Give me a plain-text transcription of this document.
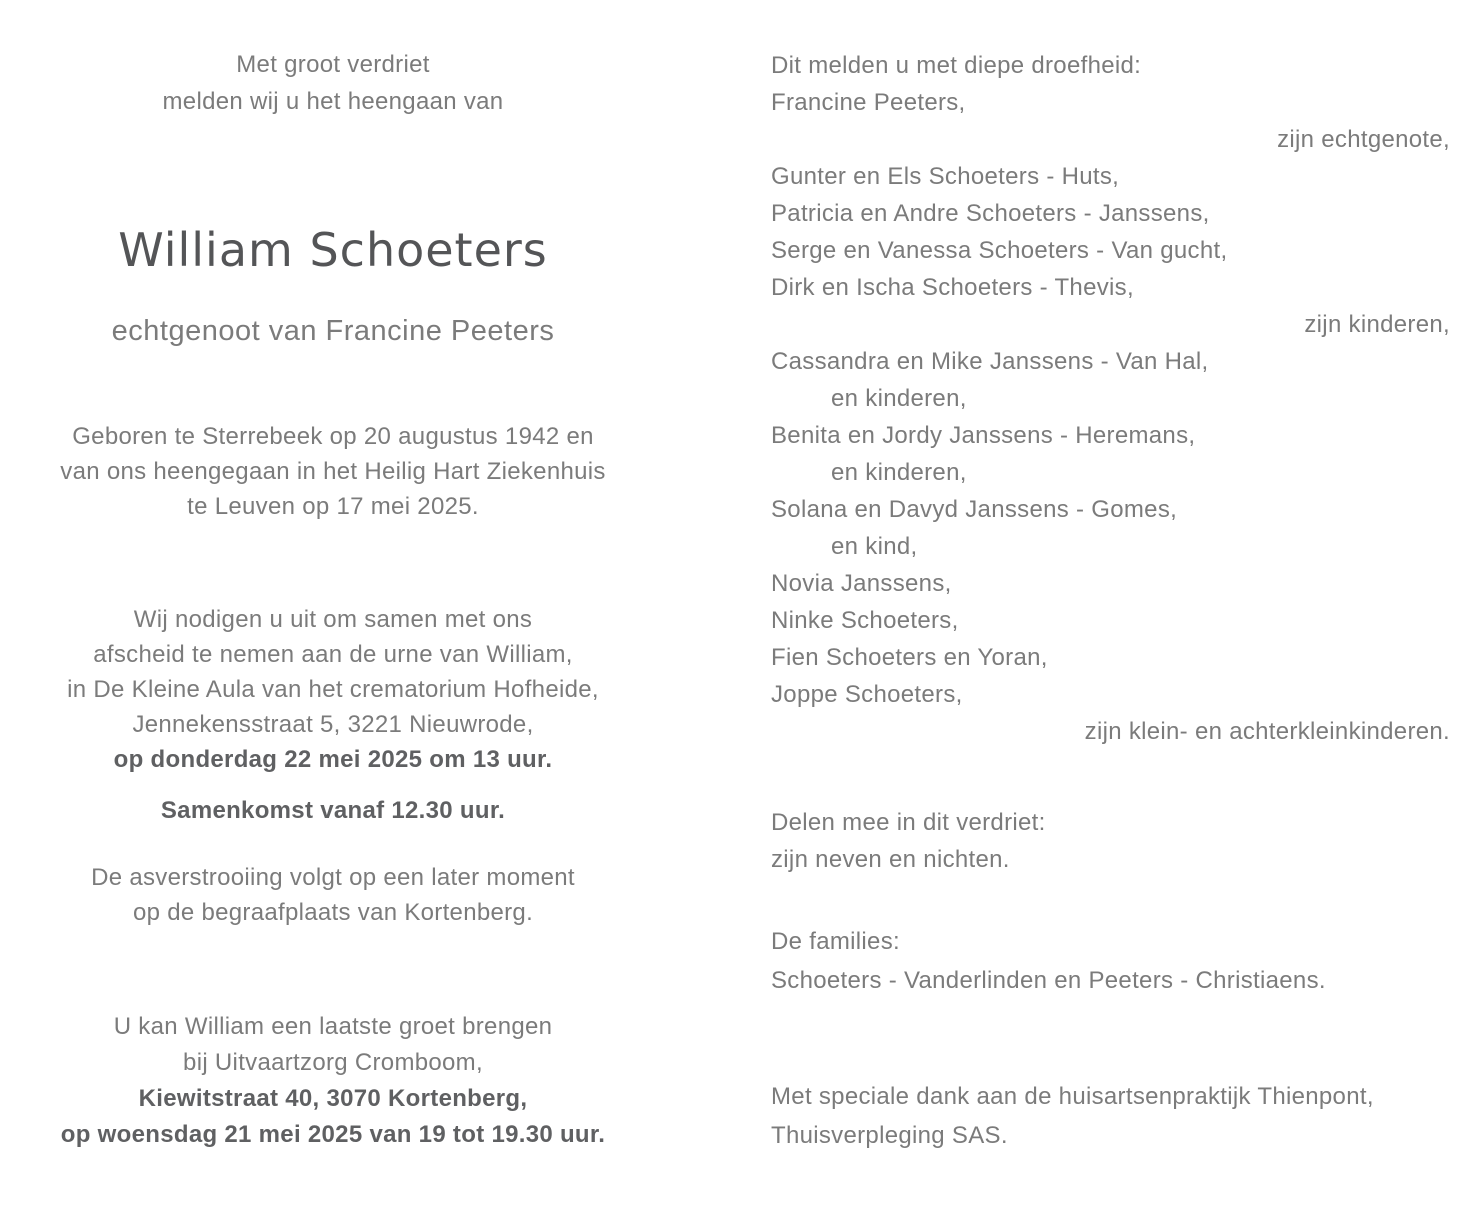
Met groot verdriet
melden wij u het heengaan van
William Schoeters
echtgenoot van Francine Peeters
Geboren te Sterrebeek op 20 augustus 1942 en
van ons heengegaan in het Heilig Hart Ziekenhuis
te Leuven op 17 mei 2025.
Wij nodigen u uit om samen met ons
afscheid te nemen aan de urne van William,
in De Kleine Aula van het crematorium Hofheide,
Jennekensstraat 5, 3221 Nieuwrode,
op donderdag 22 mei 2025 om 13 uur.
Samenkomst vanaf 12.30 uur.
De asverstrooiing volgt op een later moment
op de begraafplaats van Kortenberg.
U kan William een laatste groet brengen
bij Uitvaartzorg Cromboom,
Kiewitstraat 40, 3070 Kortenberg,
op woensdag 21 mei 2025 van 19 tot 19.30 uur.
Dit melden u met diepe droefheid:
Francine Peeters,
zijn echtgenote,
Gunter en Els Schoeters - Huts,
Patricia en Andre Schoeters - Janssens,
Serge en Vanessa Schoeters - Van gucht,
Dirk en Ischa Schoeters - Thevis,
zijn kinderen,
Cassandra en Mike Janssens - Van Hal,
en kinderen,
Benita en Jordy Janssens - Heremans,
en kinderen,
Solana en Davyd Janssens - Gomes,
en kind,
Novia Janssens,
Ninke Schoeters,
Fien Schoeters en Yoran,
Joppe Schoeters,
zijn klein- en achterkleinkinderen.
Delen mee in dit verdriet:
zijn neven en nichten.
De families:
Schoeters - Vanderlinden en Peeters - Christiaens.
Met speciale dank aan de huisartsenpraktijk Thienpont,
Thuisverpleging SAS.
